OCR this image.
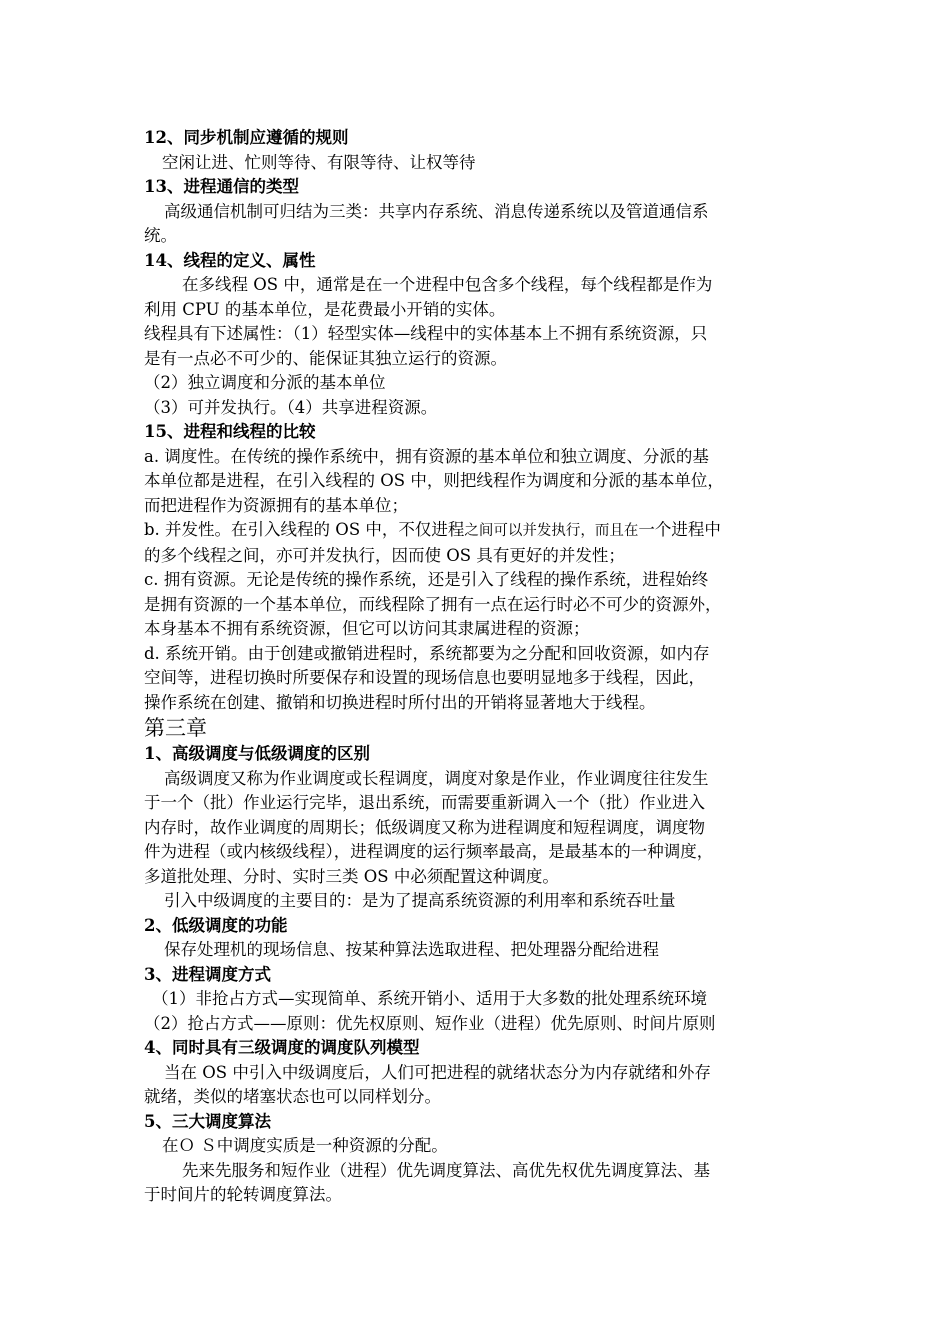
12、同步机制应遵循的规则

空闲让进、忙则等待、有限等待、让权等待

13、进程通信的类型

高级通信机制可归结为三类：共享内存系统、消息传递系统以及管道通信系

统。

14、线程的定义、属性

在多线程 OS 中，通常是在一个进程中包含多个线程，每个线程都是作为

利用 CPU 的基本单位，是花费最小开销的实体。

线程具有下述属性：（1）轻型实体—线程中的实体基本上不拥有系统资源，只

是有一点必不可少的、能保证其独立运行的资源。

（2）独立调度和分派的基本单位

（3）可并发执行。（4）共享进程资源。

15、进程和线程的比较

a. 调度性。在传统的操作系统中，拥有资源的基本单位和独立调度、分派的基

本单位都是进程，在引入线程的 OS 中，则把线程作为调度和分派的基本单位，

而把进程作为资源拥有的基本单位；

b. 并发性。在引入线程的 OS 中，不仅进程之间可以并发执行，而且在一个进程中

的多个线程之间，亦可并发执行，因而使 OS 具有更好的并发性；

c. 拥有资源。无论是传统的操作系统，还是引入了线程的操作系统，进程始终

是拥有资源的一个基本单位，而线程除了拥有一点在运行时必不可少的资源外，

本身基本不拥有系统资源，但它可以访问其隶属进程的资源；

d. 系统开销。由于创建或撤销进程时，系统都要为之分配和回收资源，如内存

空间等，进程切换时所要保存和设置的现场信息也要明显地多于线程，因此，

操作系统在创建、撤销和切换进程时所付出的开销将显著地大于线程。

第三章

1、高级调度与低级调度的区别

高级调度又称为作业调度或长程调度，调度对象是作业，作业调度往往发生

于一个（批）作业运行完毕，退出系统，而需要重新调入一个（批）作业进入

内存时，故作业调度的周期长；低级调度又称为进程调度和短程调度，调度物

件为进程（或内核级线程），进程调度的运行频率最高，是最基本的一种调度，

多道批处理、分时、实时三类 OS 中必须配置这种调度。

引入中级调度的主要目的：是为了提高系统资源的利用率和系统吞吐量

2、低级调度的功能

保存处理机的现场信息、按某种算法选取进程、把处理器分配给进程

3、进程调度方式

（1）非抢占方式—实现简单、系统开销小、适用于大多数的批处理系统环境

（2）抢占方式——原则：优先权原则、短作业（进程）优先原则、时间片原则

4、同时具有三级调度的调度队列模型

当在 OS 中引入中级调度后，人们可把进程的就绪状态分为内存就绪和外存

就绪，类似的堵塞状态也可以同样划分。

5、三大调度算法

在Ｏ Ｓ中调度实质是一种资源的分配。

先来先服务和短作业（进程）优先调度算法、高优先权优先调度算法、基

于时间片的轮转调度算法。
